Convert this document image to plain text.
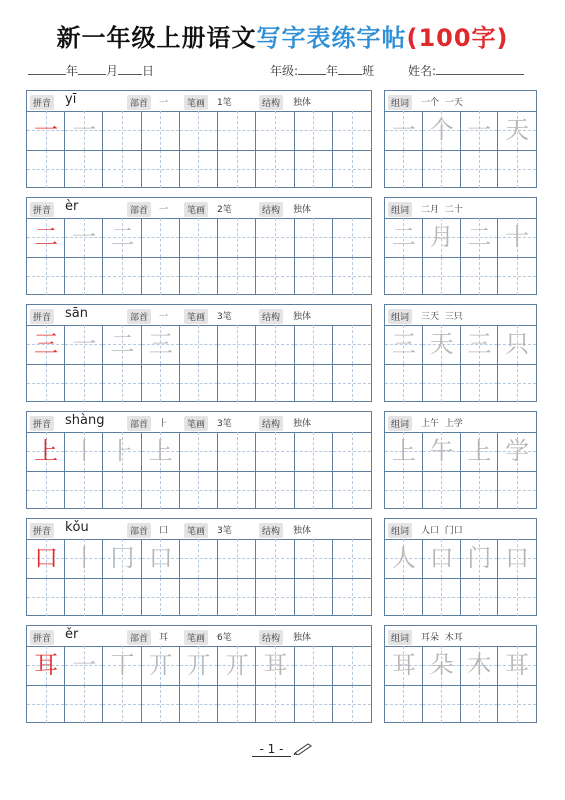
新一年级上册语文写字表练字帖(100字)
年 月 日	年级: 年 班	姓名:
拼音 yī	部首	一	笔画	1笔	结构	独体
一 一
组词	一个  一天
一 个 一 天
拼音 èr	部首	一	笔画	2笔	结构	独体
二 一 二
组词	二月  二十
二 月 二 十
拼音 sān	部首	一	笔画	3笔	结构	独体
三 一 二 三
组词	三天  三只
三 天 三 只
拼音 shàng	部首	⺊	笔画	3笔	结构	独体
上 丨 ⺊ 上
组词	上午  上学
上 午 上 学
拼音 kǒu	部首	口	笔画	3笔	结构	独体
口 丨 冂 口
组词	人口  门口
人 口 门 口
拼音 ěr	部首	耳	笔画	6笔	结构	独体
耳 一 丅 丌 丌 丌 耳
组词	耳朵  木耳
耳 朵 木 耳
- 1 -
